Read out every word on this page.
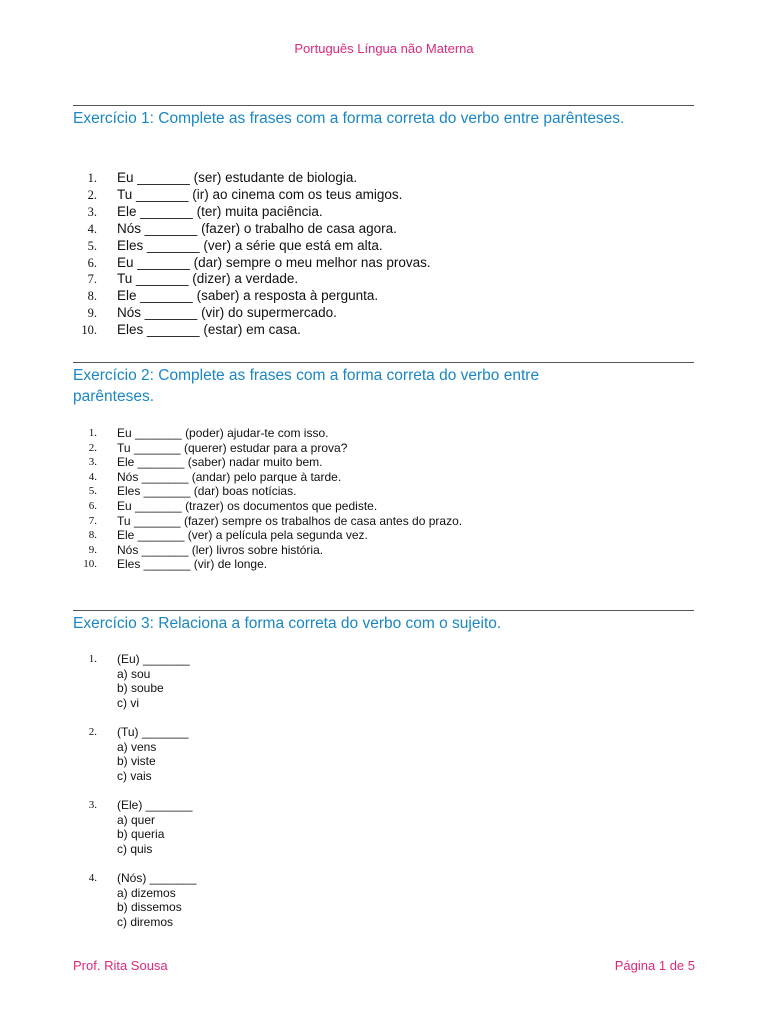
Português Língua não Materna
Exercício 1: Complete as frases com a forma correta do verbo entre parênteses.
1. Eu _______ (ser) estudante de biologia.
2. Tu _______ (ir) ao cinema com os teus amigos.
3. Ele _______ (ter) muita paciência.
4. Nós _______ (fazer) o trabalho de casa agora.
5. Eles _______ (ver) a série que está em alta.
6. Eu _______ (dar) sempre o meu melhor nas provas.
7. Tu _______ (dizer) a verdade.
8. Ele _______ (saber) a resposta à pergunta.
9. Nós _______ (vir) do supermercado.
10. Eles _______ (estar) em casa.
Exercício 2: Complete as frases com a forma correta do verbo entre parênteses.
1. Eu _______ (poder) ajudar-te com isso.
2. Tu _______ (querer) estudar para a prova?
3. Ele _______ (saber) nadar muito bem.
4. Nós _______ (andar) pelo parque à tarde.
5. Eles _______ (dar) boas notícias.
6. Eu _______ (trazer) os documentos que pediste.
7. Tu _______ (fazer) sempre os trabalhos de casa antes do prazo.
8. Ele _______ (ver) a película pela segunda vez.
9. Nós _______ (ler) livros sobre história.
10. Eles _______ (vir) de longe.
Exercício 3: Relaciona a forma correta do verbo com o sujeito.
1. (Eu) _______
a) sou
b) soube
c) vi
2. (Tu) _______
a) vens
b) viste
c) vais
3. (Ele) _______
a) quer
b) queria
c) quis
4. (Nós) _______
a) dizemos
b) dissemos
c) diremos
Prof. Rita Sousa	Página 1 de 5
